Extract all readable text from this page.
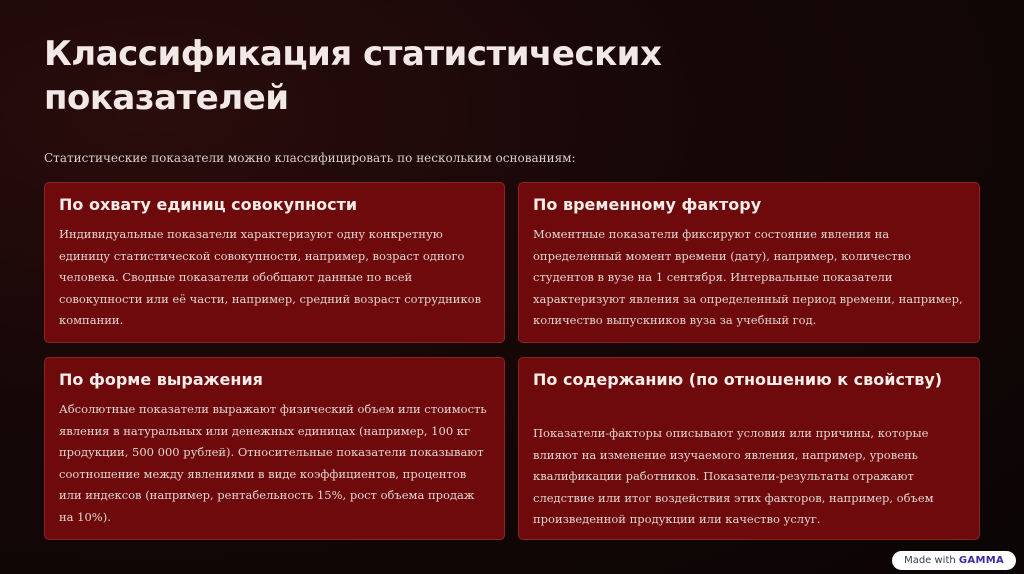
Классификация статистических показателей
Статистические показатели можно классифицировать по нескольким основаниям:
По охвату единиц совокупности

Индивидуальные показатели характеризуют одну конкретную единицу статистической совокупности, например, возраст одного человека. Сводные показатели обобщают данные по всей совокупности или её части, например, средний возраст сотрудников компании.

По временному фактору

Моментные показатели фиксируют состояние явления на определенный момент времени (дату), например, количество студентов в вузе на 1 сентября. Интервальные показатели характеризуют явления за определенный период времени, например, количество выпускников вуза за учебный год.

По форме выражения

Абсолютные показатели выражают физический объем или стоимость явления в натуральных или денежных единицах (например, 100 кг продукции, 500 000 рублей). Относительные показатели показывают соотношение между явлениями в виде коэффициентов, процентов или индексов (например, рентабельность 15%, рост объема продаж на 10%).

По содержанию (по отношению к свойству)

Показатели-факторы описывают условия или причины, которые влияют на изменение изучаемого явления, например, уровень квалификации работников. Показатели-результаты отражают следствие или итог воздействия этих факторов, например, объем произведенной продукции или качество услуг.

Made with GAMMA
